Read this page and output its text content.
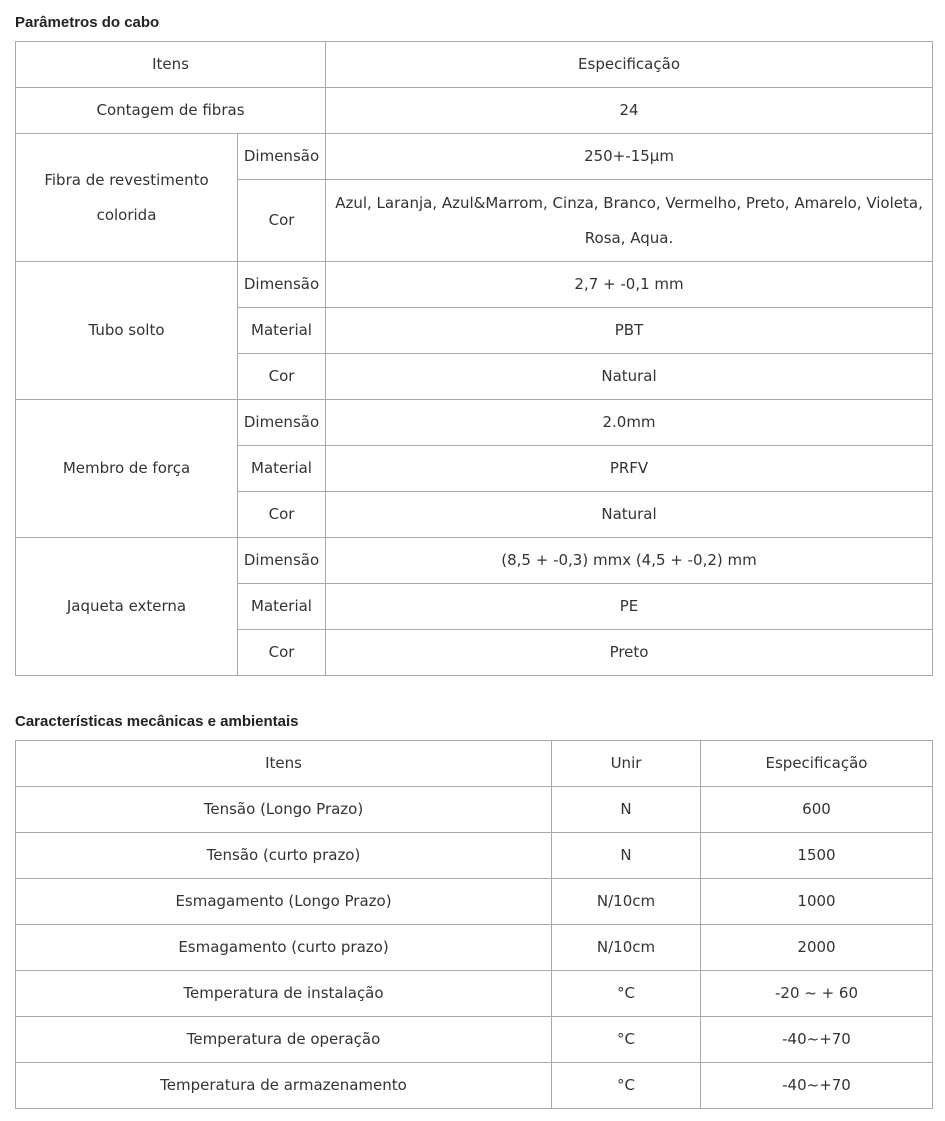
Parâmetros do cabo
Itens		Especificação
Contagem de fibras		24
Fibra de revestimento colorida	Dimensão	250+-15μm
	Cor	Azul, Laranja, Azul&Marrom, Cinza, Branco, Vermelho, Preto, Amarelo, Violeta, Rosa, Aqua.
Tubo solto	Dimensão	2,7 + -0,1 mm
	Material	PBT
	Cor	Natural
Membro de força	Dimensão	2.0mm
	Material	PRFV
	Cor	Natural
Jaqueta externa	Dimensão	(8,5 + -0,3) mmx (4,5 + -0,2) mm
	Material	PE
	Cor	Preto
Características mecânicas e ambientais
Itens	Unir	Especificação
Tensão (Longo Prazo)	N	600
Tensão (curto prazo)	N	1500
Esmagamento (Longo Prazo)	N/10cm	1000
Esmagamento (curto prazo)	N/10cm	2000
Temperatura de instalação	°C	-20 ~ + 60
Temperatura de operação	°C	-40~+70
Temperatura de armazenamento	°C	-40~+70
